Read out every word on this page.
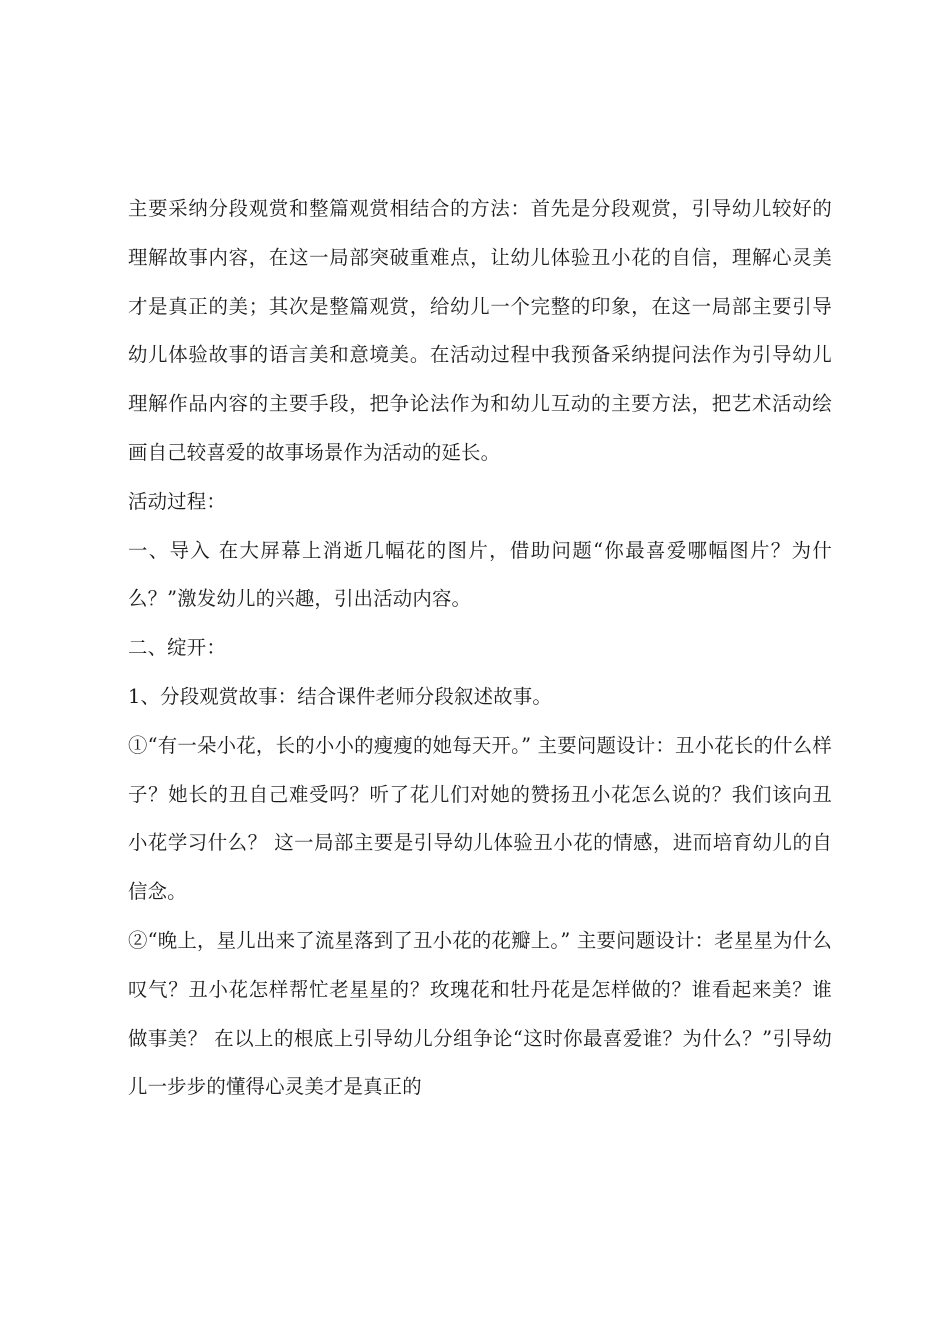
主要采纳分段观赏和整篇观赏相结合的方法：首先是分段观赏，引导幼儿较好的理解故事内容，在这一局部突破重难点，让幼儿体验丑小花的自信，理解心灵美才是真正的美；其次是整篇观赏，给幼儿一个完整的印象，在这一局部主要引导幼儿体验故事的语言美和意境美。在活动过程中我预备采纳提问法作为引导幼儿理解作品内容的主要手段，把争论法作为和幼儿互动的主要方法，把艺术活动绘画自己较喜爱的故事场景作为活动的延长。

活动过程：

一、导入 在大屏幕上消逝几幅花的图片，借助问题“你最喜爱哪幅图片？为什么？”激发幼儿的兴趣，引出活动内容。

二、绽开：

1、分段观赏故事：结合课件老师分段叙述故事。

①“有一朵小花，长的小小的瘦瘦的她每天开。” 主要问题设计：丑小花长的什么样子？她长的丑自己难受吗？听了花儿们对她的赞扬丑小花怎么说的？我们该向丑小花学习什么？ 这一局部主要是引导幼儿体验丑小花的情感，进而培育幼儿的自信念。

②“晚上，星儿出来了流星落到了丑小花的花瓣上。” 主要问题设计：老星星为什么叹气？丑小花怎样帮忙老星星的？玫瑰花和牡丹花是怎样做的？谁看起来美？谁做事美？ 在以上的根底上引导幼儿分组争论“这时你最喜爱谁？为什么？”引导幼儿一步步的懂得心灵美才是真正的
